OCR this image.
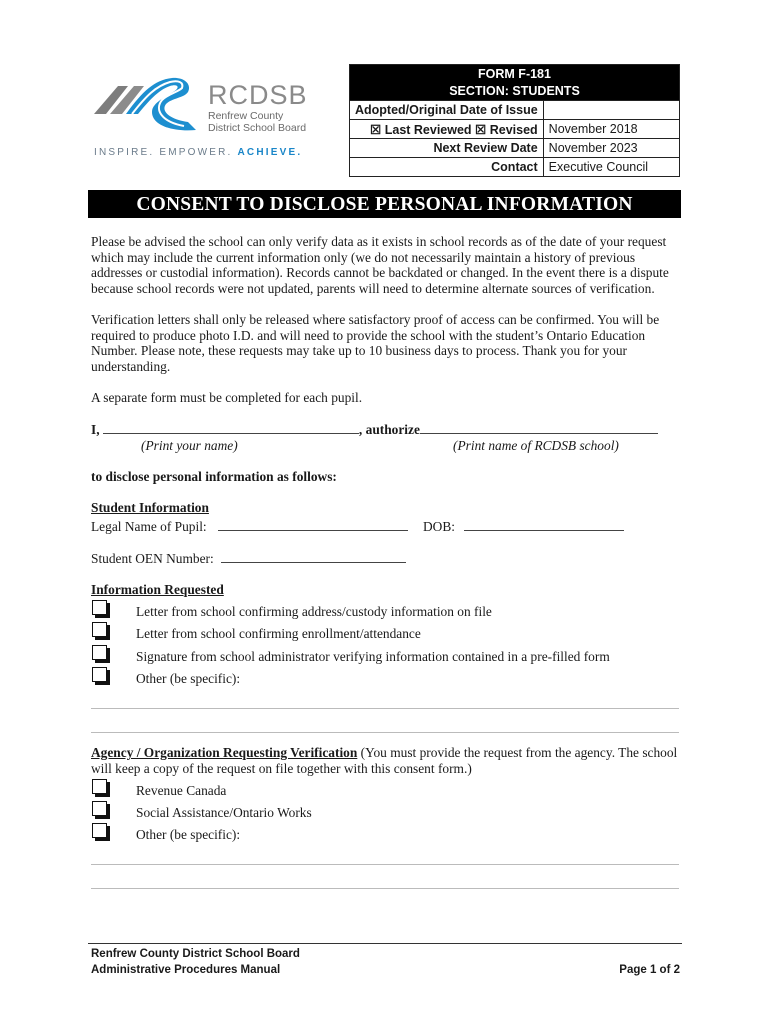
RCDSB
Renfrew County
District School Board
INSPIRE. EMPOWER. ACHIEVE.
FORM F-181	
SECTION: STUDENTS	
Adopted/Original Date of Issue	
☒ Last Reviewed ☒ Revised	November 2018
Next Review Date	November 2023
Contact	Executive Council
CONSENT TO DISCLOSE PERSONAL INFORMATION
Please be advised the school can only verify data as it exists in school records as of the date of your request which may include the current information only (we do not necessarily maintain a history of previous addresses or custodial information). Records cannot be backdated or changed. In the event there is a dispute because school records were not updated, parents will need to determine alternate sources of verification.
Verification letters shall only be released where satisfactory proof of access can be confirmed. You will be required to produce photo I.D. and will need to provide the school with the student’s Ontario Education Number. Please note, these requests may take up to 10 business days to process. Thank you for your understanding.
A separate form must be completed for each pupil.
I,	, authorize
(Print your name)	(Print name of RCDSB school)
to disclose personal information as follows:
Student Information
Legal Name of Pupil:	DOB:
Student OEN Number:
Information Requested
Letter from school confirming address/custody information on file
Letter from school confirming enrollment/attendance
Signature from school administrator verifying information contained in a pre-filled form
Other (be specific):
Agency / Organization Requesting Verification (You must provide the request from the agency. The school will keep a copy of the request on file together with this consent form.)
Revenue Canada
Social Assistance/Ontario Works
Other (be specific):
Renfrew County District School Board
Administrative Procedures Manual	Page 1 of 2
